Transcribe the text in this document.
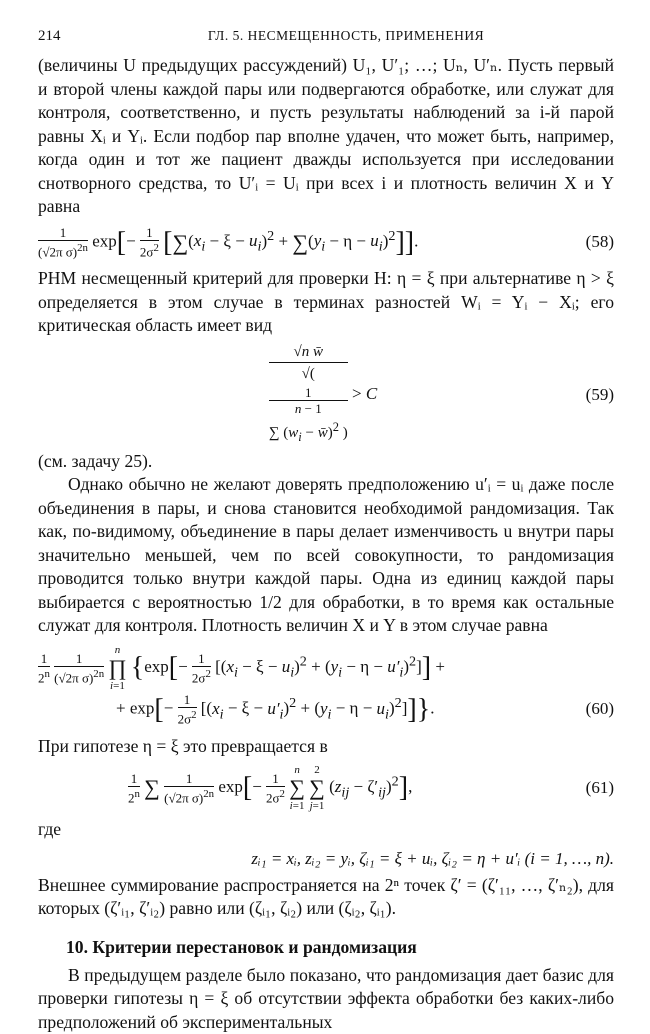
214	ГЛ. 5. НЕСМЕЩЕННОСТЬ, ПРИМЕНЕНИЯ

(величины U предыдущих рассуждений) U₁, U′₁; …; Uₙ, U′ₙ. Пусть первый и второй члены каждой пары или подвергаются обработке, или служат для контроля, соответственно, и пусть результаты наблюдений за i-й парой равны Xᵢ и Yᵢ. Если подбор пар вполне удачен, что может быть, например, когда один и тот же пациент дважды используется при исследовании снотворного средства, то U′ᵢ = Uᵢ при всех i и плотность величин X и Y равна

$\frac{1}{(√2\pi \sigma)^{2n}} \exp[- \frac{1}{2\sigma^2} [\sum(x_i - \xi - u_i)^2 + \sum(y_i - \eta - u_i)^2]]$.	(58)

РНМ несмещенный критерий для проверки H: η = ξ при альтернативе η > ξ определяется в этом случае в терминах разностей Wᵢ = Yᵢ − Xᵢ; его критическая область имеет вид

√n w̄
√(
1
n − 1
∑ ($w_i$ − w̄)$^2$ ) > C	(59)

(см. задачу 25).

Однако обычно не желают доверять предположению u′ᵢ = uᵢ даже после объединения в пары, и снова становится необходимой рандомизация. Так как, по-видимому, объединение в пары делает изменчивость u внутри пары значительно меньшей, чем по всей совокупности, то рандомизация проводится только внутри каждой пары. Одна из единиц каждой пары выбирается с вероятностью 1/2 для обработки, в то время как остальные служат для контроля. Плотность величин X и Y в этом случае равна

$\frac{1}{2^n}$
$\frac{1}{(√2\pi \sigma)^{2n}}$
n
∏
i=1 {$\exp[- \frac{1}{2\sigma^2} [(x_i - \xi - u_i)^2 + (y_i - \eta - u'_i)^2]]$ +
+ $\exp[- \frac{1}{2\sigma^2} [(x_i - \xi - u'_i)^2 + (y_i - \eta - u_i)^2]]$}.	(60)

При гипотезе η = ξ это превращается в

$\frac{1}{2^n}$ ∑ $\frac{1}{(√2\pi \sigma)^{2n}} \exp[- \frac{1}{2\sigma^2}$
n
∑
i=1 2
∑
j=1 $(z_{ij} - \zeta'_{ij})^2$],	(61)

где

zᵢ₁ = xᵢ, zᵢ₂ = yᵢ, ζᵢ₁ = ξ + uᵢ, ζᵢ₂ = η + u′ᵢ (i = 1, …, n).

Внешнее суммирование распространяется на 2ⁿ точек ζ′ = (ζ′₁₁, …, ζ′ₙ₂), для которых (ζ′ᵢ₁, ζ′ᵢ₂) равно или (ζᵢ₁, ζᵢ₂) или (ζᵢ₂, ζᵢ₁).

10. Критерии перестановок и рандомизация

В предыдущем разделе было показано, что рандомизация дает базис для проверки гипотезы η = ξ об отсутствии эффекта обработки без каких-либо предположений об экспериментальных
